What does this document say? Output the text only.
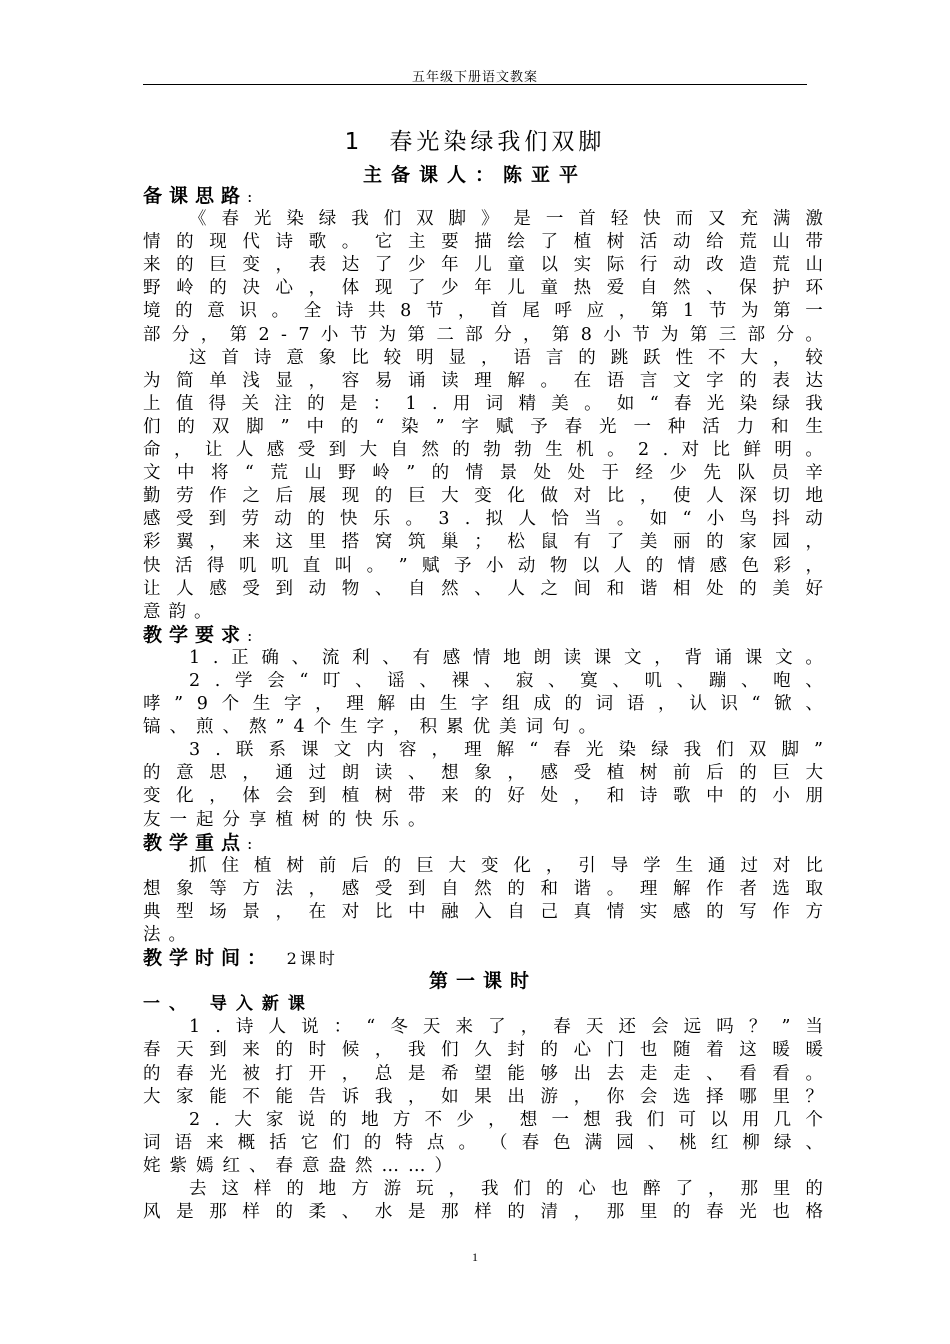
五年级下册语文教案
1 春光染绿我们双脚
主备课人：陈亚平
备课思路:
《 春 光 染 绿 我 们 双 脚 》 是 一 首 轻 快 而 又 充 满 激
情 的 现 代 诗 歌 。 它 主 要 描 绘 了 植 树 活 动 给 荒 山 带
来 的 巨 变 ， 表 达 了 少 年 儿 童 以 实 际 行 动 改 造 荒 山
野 岭 的 决 心 ， 体 现 了 少 年 儿 童 热 爱 自 然 、 保 护 环
境 的 意 识 。 全 诗 共 8 节 ， 首 尾 呼 应 ， 第 1 节 为 第 一
部 分 ， 第 2 - 7 小 节 为 第 二 部 分 ， 第 8 小 节 为 第 三 部 分 。
这 首 诗 意 象 比 较 明 显 ， 语 言 的 跳 跃 性 不 大 ， 较
为 简 单 浅 显 ， 容 易 诵 读 理 解 。 在 语 言 文 字 的 表 达
上 值 得 关 注 的 是 ： 1 . 用 词 精 美 。 如 “ 春 光 染 绿 我
们 的 双 脚 ” 中 的 “ 染 ” 字 赋 予 春 光 一 种 活 力 和 生
命 ， 让 人 感 受 到 大 自 然 的 勃 勃 生 机 。 2 . 对 比 鲜 明 。
文 中 将 “ 荒 山 野 岭 ” 的 情 景 处 处 于 经 少 先 队 员 辛
勤 劳 作 之 后 展 现 的 巨 大 变 化 做 对 比 ， 使 人 深 切 地
感 受 到 劳 动 的 快 乐 。 3 . 拟 人 恰 当 。 如 “ 小 鸟 抖 动
彩 翼 ， 来 这 里 搭 窝 筑 巢 ； 松 鼠 有 了 美 丽 的 家 园 ，
快 活 得 叽 叽 直 叫 。 ” 赋 予 小 动 物 以 人 的 情 感 色 彩 ，
让 人 感 受 到 动 物 、 自 然 、 人 之 间 和 谐 相 处 的 美 好
意韵。
教学要求:
1 . 正 确 、 流 利 、 有 感 情 地 朗 读 课 文 ， 背 诵 课 文 。
2 . 学 会 “ 叮 、 谣 、 裸 、 寂 、 寞 、 叽 、 蹦 、 咆 、
哮 ” 9 个 生 字 ， 理 解 由 生 字 组 成 的 词 语 ， 认 识 “ 锨 、
镐、煎、熬”4个生字，积累优美词句。
3 . 联 系 课 文 内 容 ， 理 解 “ 春 光 染 绿 我 们 双 脚 ”
的 意 思 ， 通 过 朗 读 、 想 象 ， 感 受 植 树 前 后 的 巨 大
变 化 ， 体 会 到 植 树 带 来 的 好 处 ， 和 诗 歌 中 的 小 朋
友一起分享植树的快乐。
教学重点:
抓 住 植 树 前 后 的 巨 大 变 化 ， 引 导 学 生 通 过 对 比
想 象 等 方 法 ， 感 受 到 自 然 的 和 谐 。 理 解 作 者 选 取
典 型 场 景 ， 在 对 比 中 融 入 自 己 真 情 实 感 的 写 作 方
法。
教学时间： 2课时
第一课时
一、 导入新课
1 . 诗 人 说 ： “ 冬 天 来 了 ， 春 天 还 会 远 吗 ？ ” 当
春 天 到 来 的 时 候 ， 我 们 久 封 的 心 门 也 随 着 这 暖 暖
的 春 光 被 打 开 ， 总 是 希 望 能 够 出 去 走 走 、 看 看 。
大 家 能 不 能 告 诉 我 ， 如 果 出 游 ， 你 会 选 择 哪 里 ？
2 . 大 家 说 的 地 方 不 少 ， 想 一 想 我 们 可 以 用 几 个
词 语 来 概 括 它 们 的 特 点 。 （ 春 色 满 园 、 桃 红 柳 绿 、
姹紫嫣红、春意盎然……）
去 这 样 的 地 方 游 玩 ， 我 们 的 心 也 醉 了 ， 那 里 的
风 是 那 样 的 柔 、 水 是 那 样 的 清 ， 那 里 的 春 光 也 格
1
